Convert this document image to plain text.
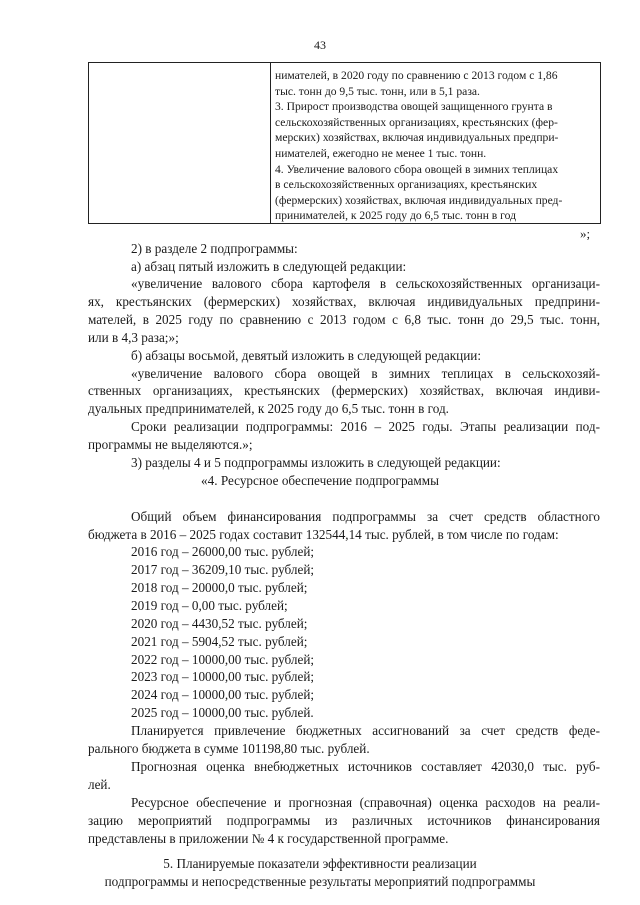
43
нимателей, в 2020 году по сравнению с 2013 годом с 1,86
тыс. тонн до 9,5 тыс. тонн, или в 5,1 раза.
3. Прирост производства овощей защищенного грунта в
сельскохозяйственных организациях, крестьянских (фер-
мерских) хозяйствах, включая индивидуальных предпри-
нимателей, ежегодно не менее 1 тыс. тонн.
4. Увеличение валового сбора овощей в зимних теплицах
в сельскохозяйственных организациях, крестьянских
(фермерских) хозяйствах, включая индивидуальных пред-
принимателей, к 2025 году до 6,5 тыс. тонн в год
»;
2) в разделе 2 подпрограммы:
а) абзац пятый изложить в следующей редакции:
«увеличение валового сбора картофеля в сельскохозяйственных организаци-
ях, крестьянских (фермерских) хозяйствах, включая индивидуальных предприни-
мателей, в 2025 году по сравнению с 2013 годом с 6,8 тыс. тонн до 29,5 тыс. тонн,
или в 4,3 раза;»;
б) абзацы восьмой, девятый изложить в следующей редакции:
«увеличение валового сбора овощей в зимних теплицах в сельскохозяй-
ственных организациях, крестьянских (фермерских) хозяйствах, включая индиви-
дуальных предпринимателей, к 2025 году до 6,5 тыс. тонн в год.
Сроки реализации подпрограммы: 2016 – 2025 годы. Этапы реализации под-
программы не выделяются.»;
3) разделы 4 и 5 подпрограммы изложить в следующей редакции:
«4. Ресурсное обеспечение подпрограммы
Общий объем финансирования подпрограммы за счет средств областного
бюджета в 2016 – 2025 годах составит 132544,14 тыс. рублей, в том числе по годам:
2016 год – 26000,00 тыс. рублей;
2017 год – 36209,10 тыс. рублей;
2018 год – 20000,0 тыс. рублей;
2019 год – 0,00 тыс. рублей;
2020 год – 4430,52 тыс. рублей;
2021 год – 5904,52 тыс. рублей;
2022 год – 10000,00 тыс. рублей;
2023 год – 10000,00 тыс. рублей;
2024 год – 10000,00 тыс. рублей;
2025 год – 10000,00 тыс. рублей.
Планируется привлечение бюджетных ассигнований за счет средств феде-
рального бюджета в сумме 101198,80 тыс. рублей.
Прогнозная оценка внебюджетных источников составляет 42030,0 тыс. руб-
лей.
Ресурсное обеспечение и прогнозная (справочная) оценка расходов на реали-
зацию мероприятий подпрограммы из различных источников финансирования
представлены в приложении № 4 к государственной программе.
5. Планируемые показатели эффективности реализации
подпрограммы и непосредственные результаты мероприятий подпрограммы
